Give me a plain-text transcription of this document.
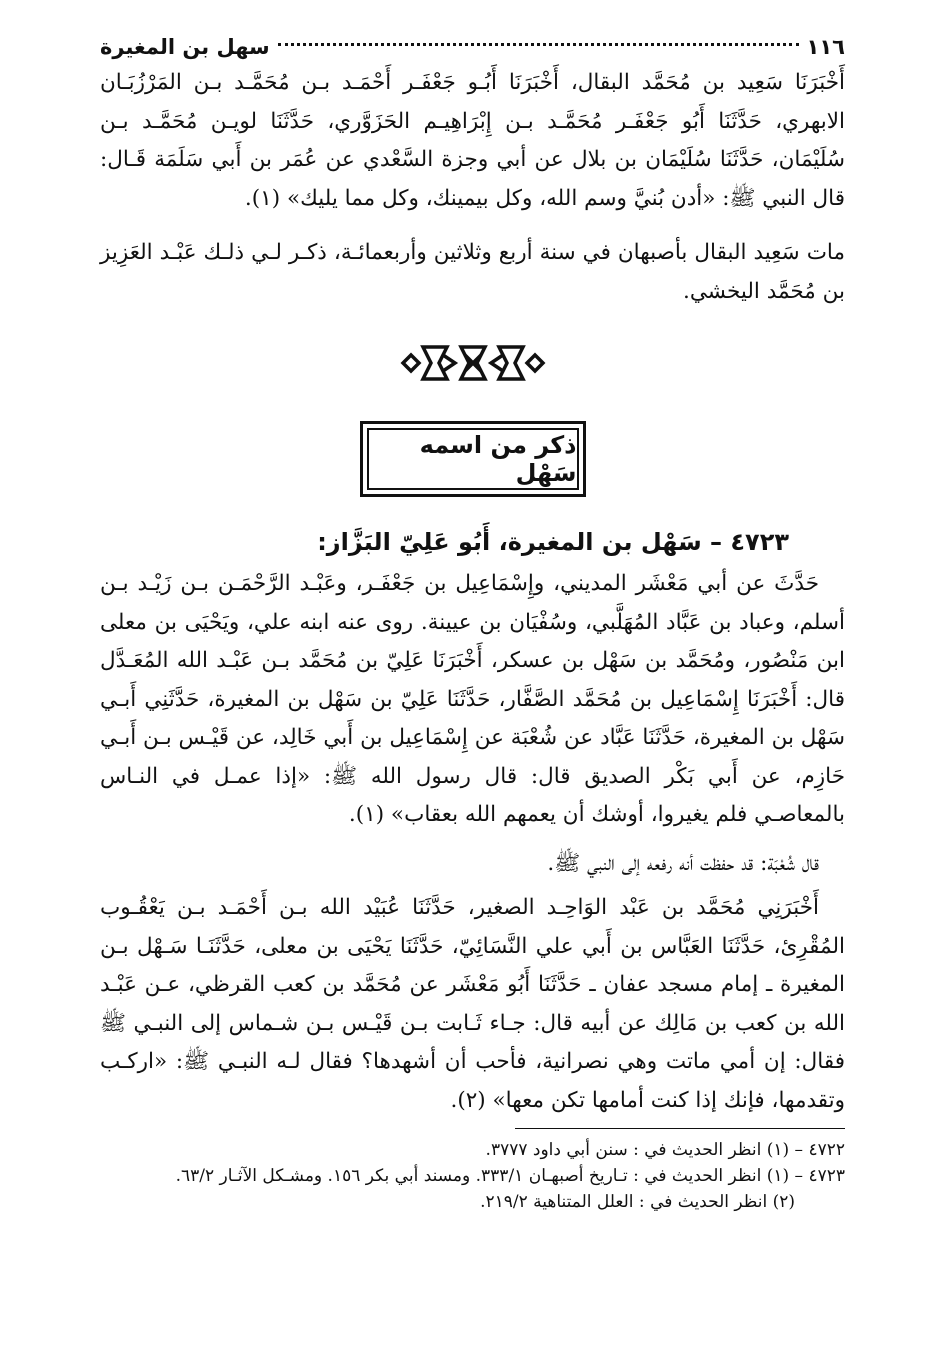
١١٦
سهل بن المغيرة

أَخْبَرَنَا سَعِيد بن مُحَمَّد البقال، أَخْبَرَنَا أَبُـو جَعْفَـر أَحْمَـد بـن مُحَمَّـد بـن المَرْزُبَـان الابهري، حَدَّثَنَا أَبُو جَعْفَـر مُحَمَّـد بـن إِبْرَاهِيـم الحَزَوَّري، حَدَّثَنَا لويـن مُحَمَّـد بـن سُلَيْمَان، حَدَّثَنَا سُلَيْمَان بن بلال عن أبي وجزة السَّعْدي عن عُمَر بن أَبي سَلَمَة قَـال: قال النبي ﷺ: «أدن بُنيَّ وسم الله، وكل بيمينك، وكل مما يليك» (١).

مات سَعِيد البقال بأصبهان في سنة أربع وثلاثين وأربعمائـة، ذكـر لـي ذلـك عَبْـد العَزِيز بن مُحَمَّد اليخشي.

ذكر من اسمه سَهْل
٤٧٢٣ – سَهْل بن المغيرة، أَبُو عَلِيّ البَزَّاز:

حَدَّثَ عن أبي مَعْشَر المديني، وإِسْمَاعِيل بن جَعْفَـر، وعَبْـد الرَّحْمَـن بـن زَيْـد بـن أسلم، وعباد بن عَبَّاد المُهَلَّبي، وسُفْيَان بن عيينة. روى عنه ابنه علي، ويَحْيَى بن معلى ابن مَنْصُور، ومُحَمَّد بن سَهْل بن عسكر، أَخْبَرَنَا عَلِيّ بن مُحَمَّد بـن عَبْـد الله المُعَـدَّل قال: أَخْبَرَنَا إِسْمَاعِيل بن مُحَمَّد الصَّفَّار، حَدَّثَنَا عَلِيّ بن سَهْل بن المغيرة، حَدَّثَنِي أَبـي سَهْل بن المغيرة، حَدَّثَنَا عَبَّاد عن شُعْبَة عن إِسْمَاعِيل بن أَبي خَالِد، عن قَيْـس بـن أَبـي حَازِم، عن أَبي بَكْر الصديق قال: قال رسول الله ﷺ: «إذا عمـل في النـاس بالمعاصـي فلم يغيروا، أوشك أن يعمهم الله بعقاب» (١).

قال شُعْبَة: قد حفظت أنه رفعه إلى النبي ﷺ.

أَخْبَرَنِي مُحَمَّد بن عَبْد الوَاحِـد الصغير، حَدَّثَنَا عُبَيْد الله بـن أَحْمَـد بـن يَعْقُـوب المُقْرِئ، حَدَّثَنَا العَبَّاس بن أَبي علي النَّسَائِيّ، حَدَّثَنَا يَحْيَى بن معلى، حَدَّثَنَـا سَـهْل بـن المغيرة ـ إمام مسجد عفان ـ حَدَّثَنَا أَبُو مَعْشَر عن مُحَمَّد بن كعب القرظي، عـن عَبْـد الله بن كعب بن مَالِك عن أبيه قال: جـاء ثَـابت بـن قَيْـس بـن شـماس إلى النبـي ﷺ فقال: إن أمي ماتت وهي نصرانية، فأحب أن أشهدها؟ فقال لـه النبـي ﷺ: «اركـب وتقدمها، فإنك إذا كنت أمامها تكن معها» (٢).

٤٧٢٢ – (١) انظر الحديث في : سنن أبي داود ٣٧٧٧.

٤٧٢٣ – (١) انظر الحديث في : تـاريخ أصبهـان ٣٣٣/١. ومسند أبي بكر ١٥٦. ومشـكل الآثـار ٦٣/٢.

(٢) انظر الحديث في : العلل المتناهية ٢١٩/٢.
